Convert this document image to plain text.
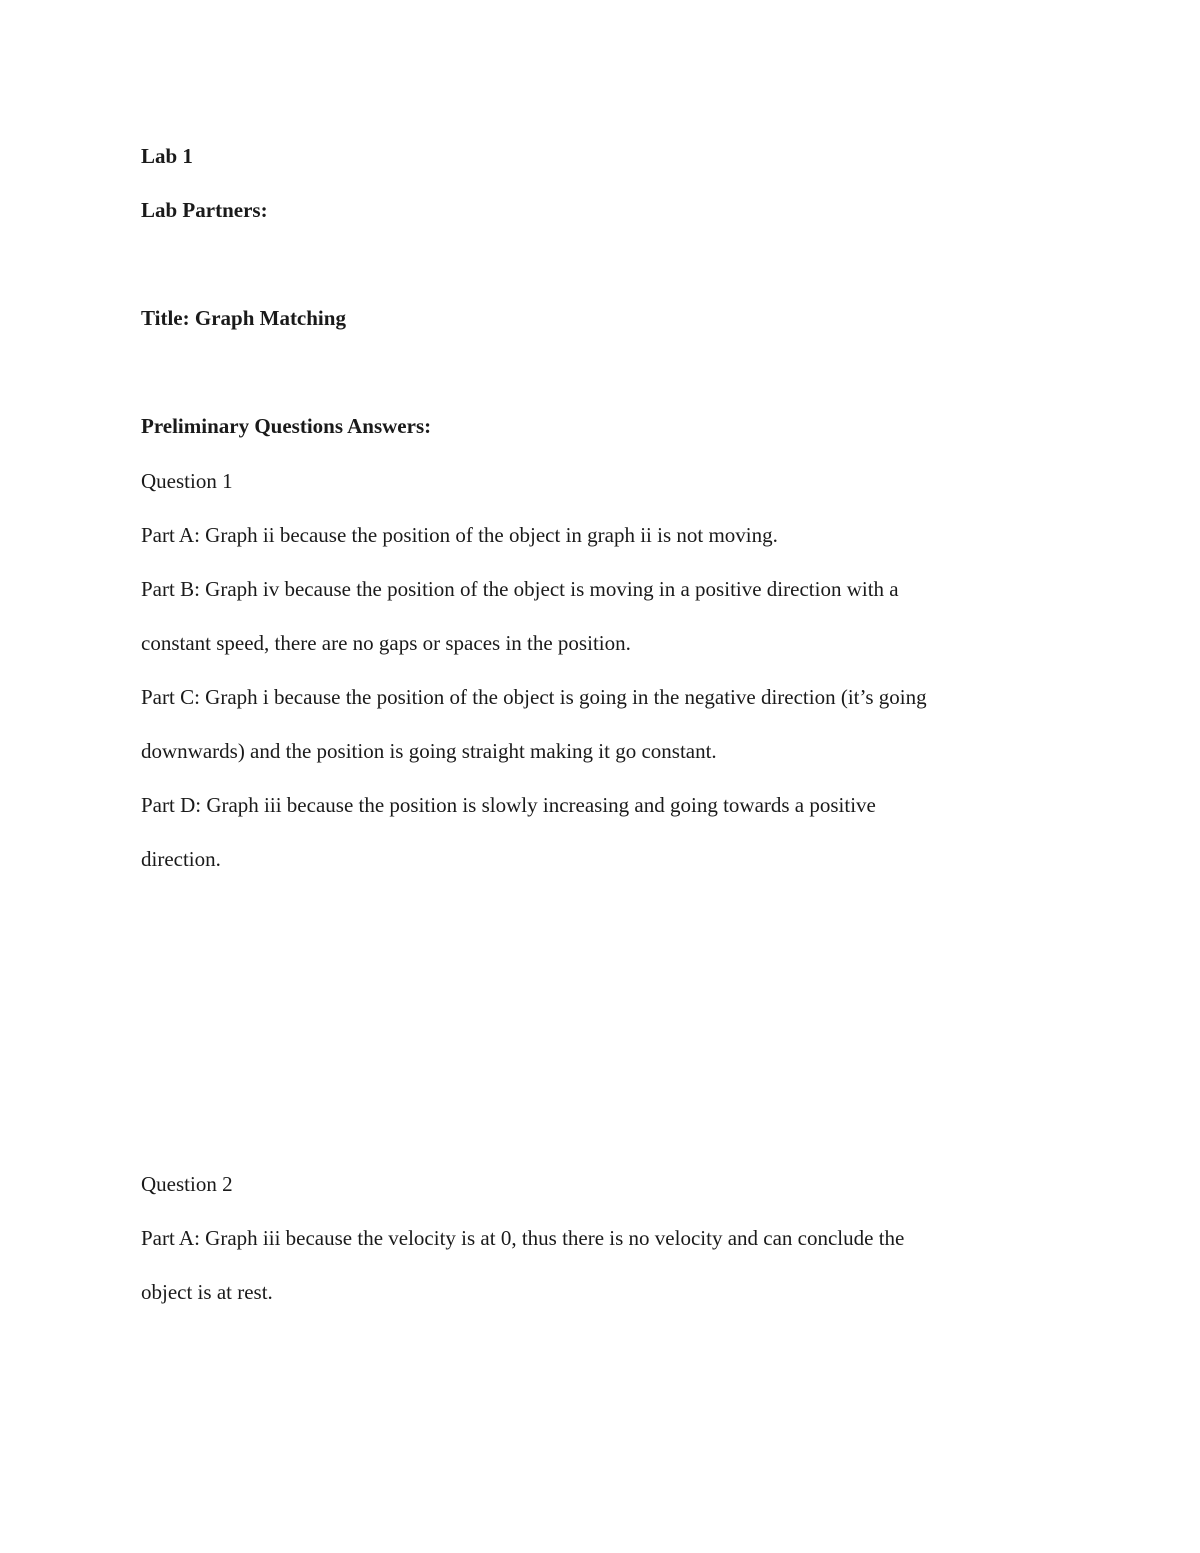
Lab 1

Lab Partners:

Title: Graph Matching

Preliminary Questions Answers:

Question 1

Part A: Graph ii because the position of the object in graph ii is not moving.

Part B: Graph iv because the position of the object is moving in a positive direction with a

constant speed, there are no gaps or spaces in the position.

Part C: Graph i because the position of the object is going in the negative direction (it’s going

downwards) and the position is going straight making it go constant.

Part D: Graph iii because the position is slowly increasing and going towards a positive

direction.

Question 2

Part A: Graph iii because the velocity is at 0, thus there is no velocity and can conclude the

object is at rest.
